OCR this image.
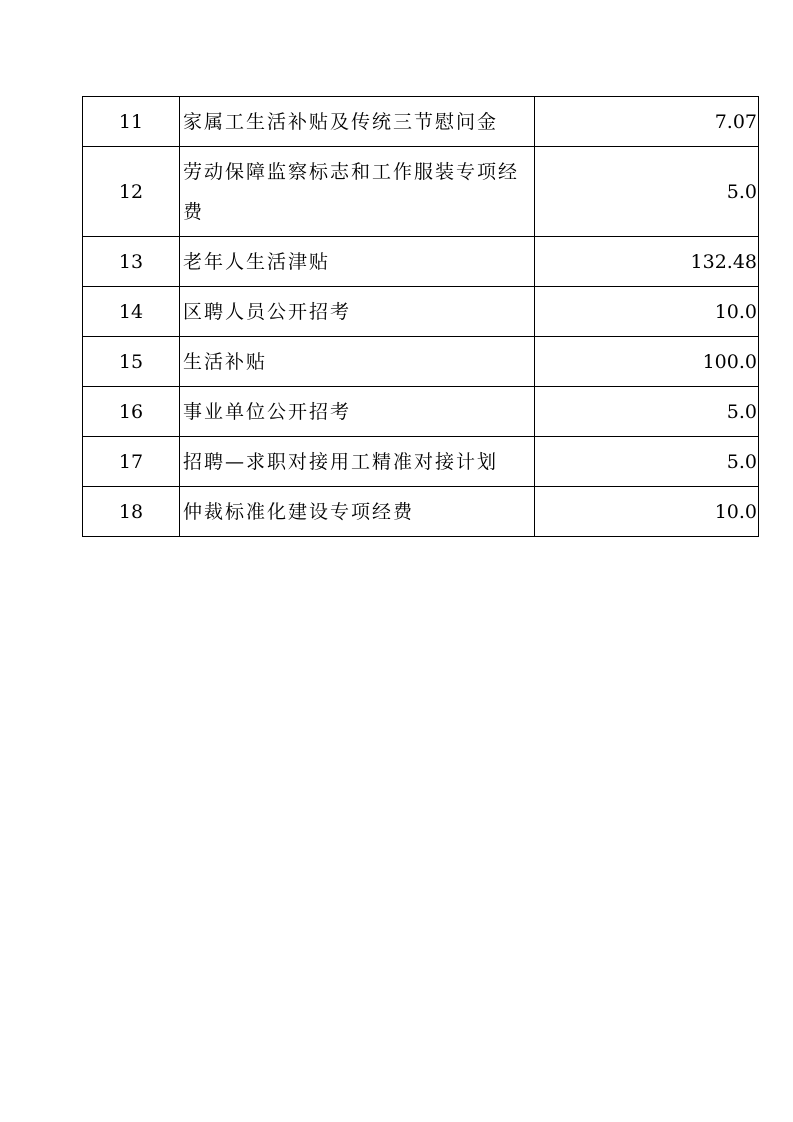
11	家属工生活补贴及传统三节慰问金	7.07
12	劳动保障监察标志和工作服装专项经费	5.0
13	老年人生活津贴	132.48
14	区聘人员公开招考	10.0
15	生活补贴	100.0
16	事业单位公开招考	5.0
17	招聘—求职对接用工精准对接计划	5.0
18	仲裁标准化建设专项经费	10.0
